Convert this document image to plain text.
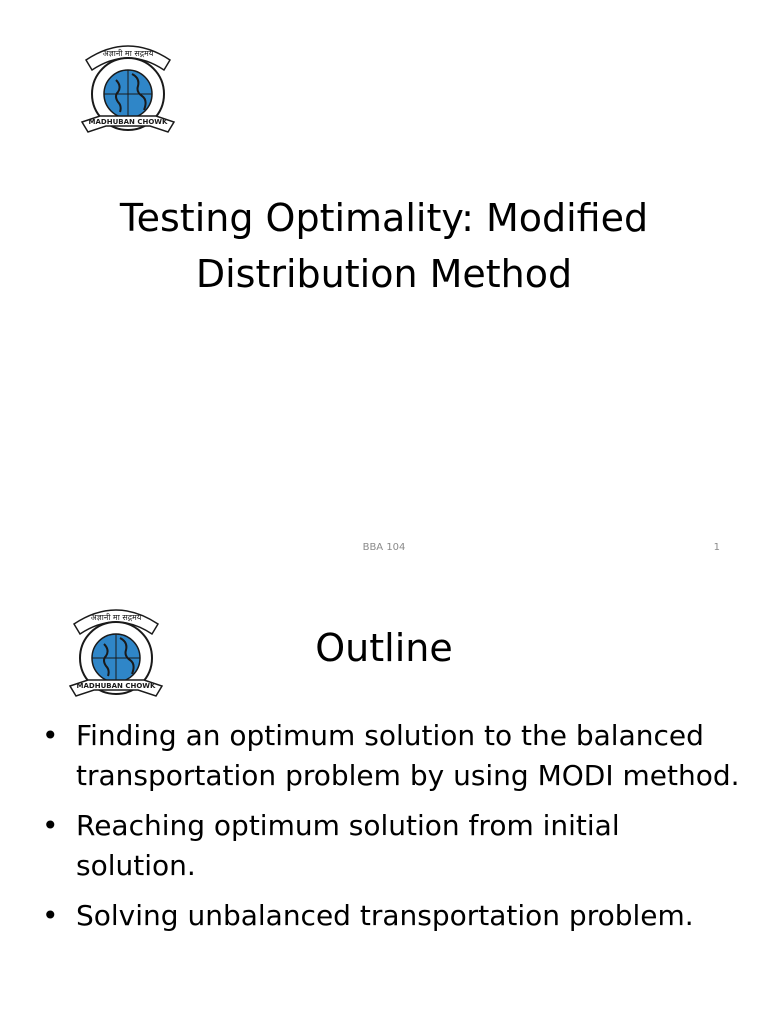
अज्ञानी मा सद्गमय
MADHUBAN CHOWK
Testing Optimality: Modified
Distribution Method
BBA 104	1
अज्ञानी मा सद्गमय
MADHUBAN CHOWK
Outline
• Finding an optimum solution to the balanced transportation problem by using MODI method.
• Reaching optimum solution from initial solution.
• Solving unbalanced transportation problem.
